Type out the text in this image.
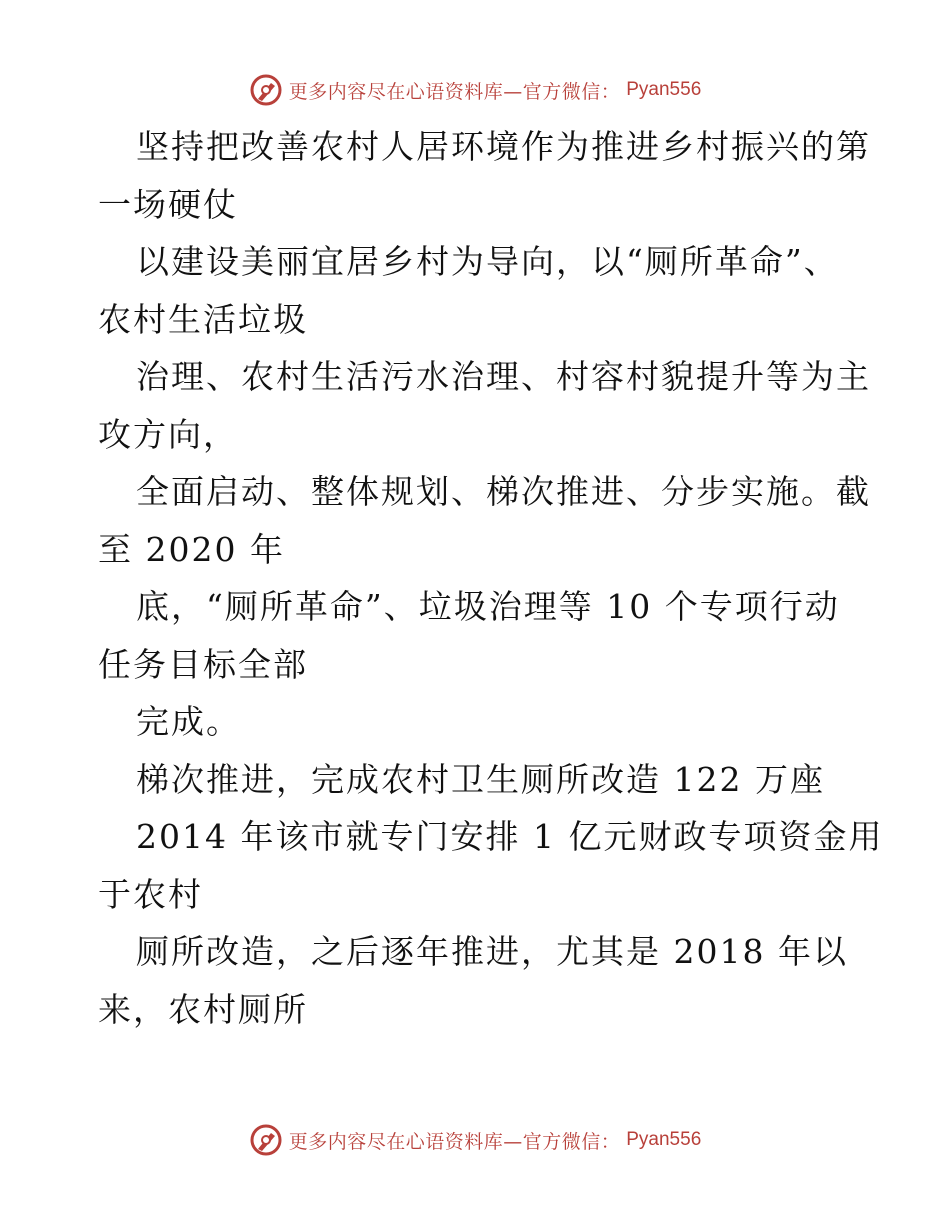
更多内容尽在心语资料库—官方微信： Pyan556
坚持把改善农村人居环境作为推进乡村振兴的第
一场硬仗
以建设美丽宜居乡村为导向，以“厕所革命”、
农村生活垃圾
治理、农村生活污水治理、村容村貌提升等为主
攻方向，
全面启动、整体规划、梯次推进、分步实施。截
至 2020 年
底，“厕所革命”、垃圾治理等 10 个专项行动
任务目标全部
完成。
梯次推进，完成农村卫生厕所改造 122 万座
2014 年该市就专门安排 1 亿元财政专项资金用
于农村
厕所改造，之后逐年推进，尤其是 2018 年以
来，农村厕所
更多内容尽在心语资料库—官方微信： Pyan556
